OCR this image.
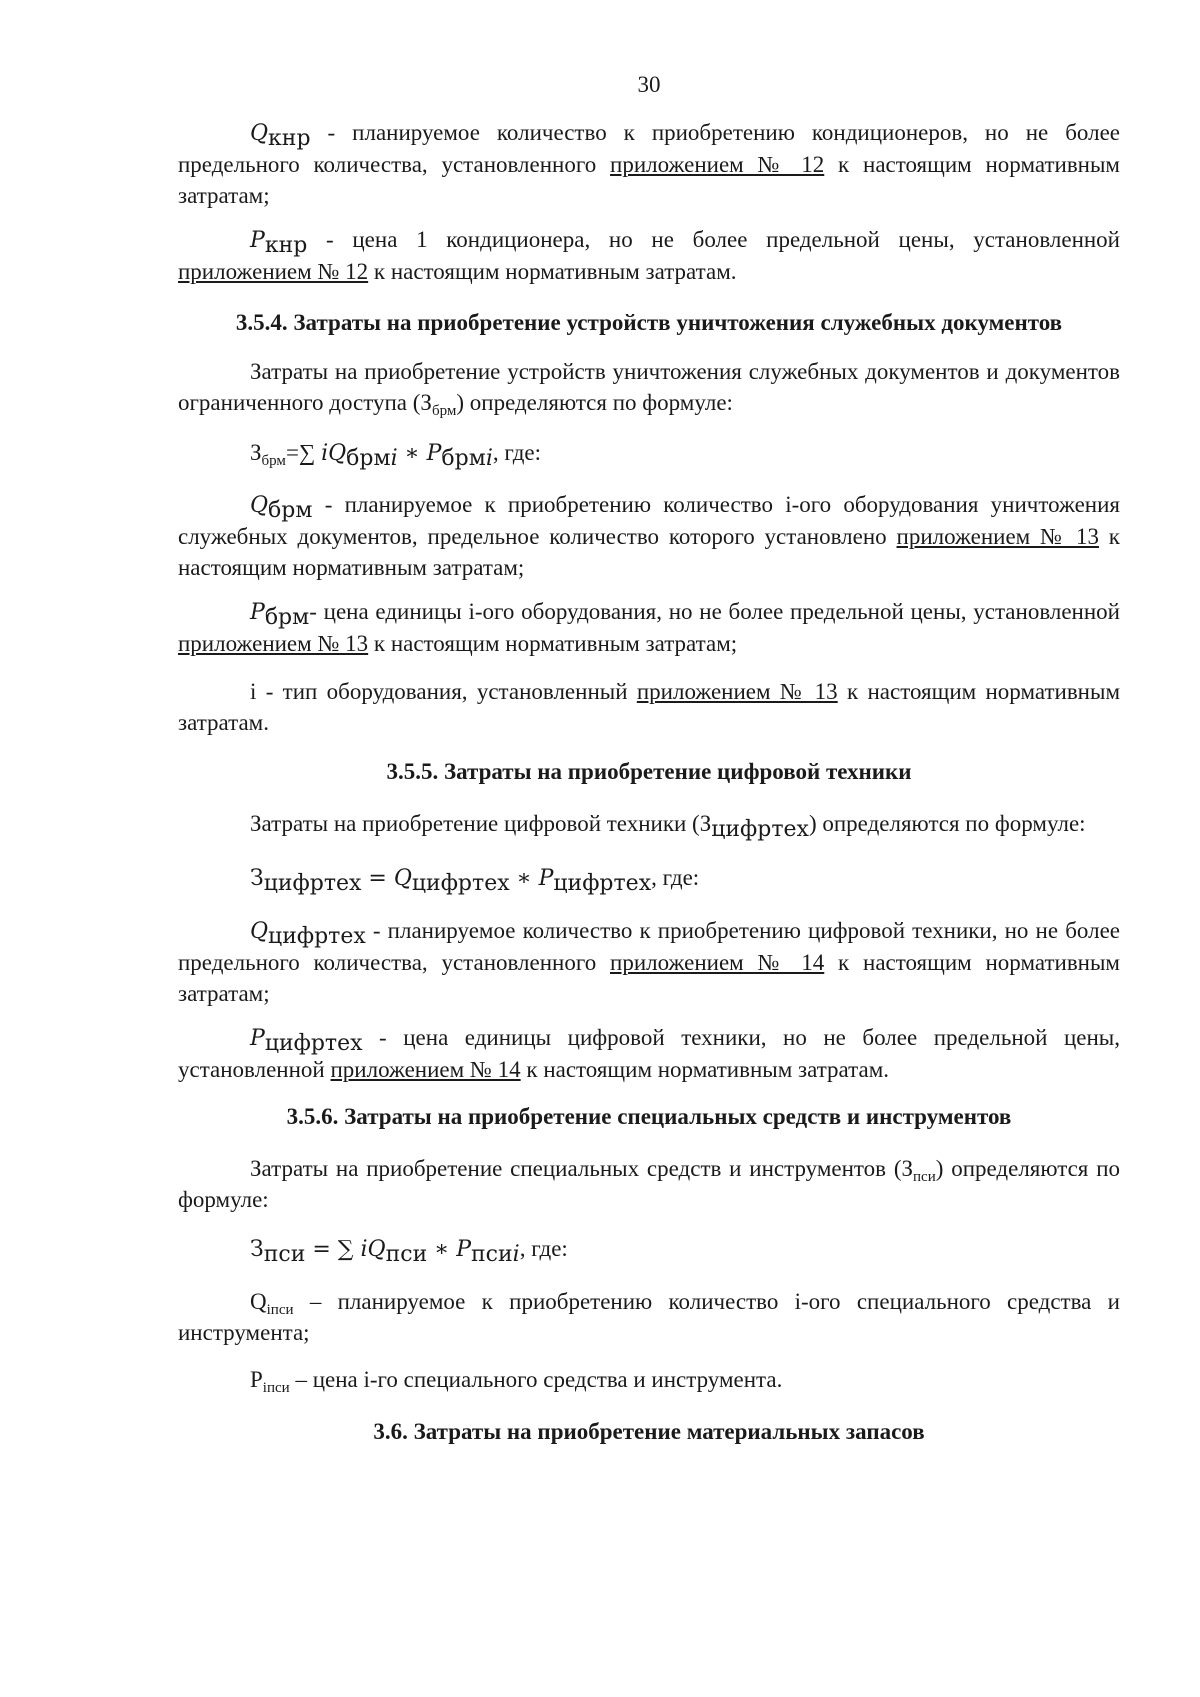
30

$Q_{кнр}$ - планируемое количество к приобретению кондиционеров, но не более предельного количества, установленного приложением № 12 к настоящим нормативным затратам;

$P_{кнр}$ - цена 1 кондиционера, но не более предельной цены, установленной приложением № 12 к настоящим нормативным затратам.

3.5.4. Затраты на приобретение устройств уничтожения служебных документов

Затраты на приобретение устройств уничтожения служебных документов и документов ограниченного доступа $(З_{брм})$ определяются по формуле:

$З_{брм}=\sum$ $iQ_{брмi}$ ∗ $P_{брмi}$, где:

$Q_{брм}$ - планируемое к приобретению количество i-ого оборудования уничтожения служебных документов, предельное количество которого установлено приложением № 13 к настоящим нормативным затратам;

$P_{брм}-$ цена единицы i-ого оборудования, но не более предельной цены, установленной приложением № 13 к настоящим нормативным затратам;

i - тип оборудования, установленный приложением № 13 к настоящим нормативным затратам.

3.5.5. Затраты на приобретение цифровой техники

Затраты на приобретение цифровой техники $(З_{цифртех})$ определяются по формуле:

$З_{цифртех} = Q_{цифртех}$ ∗ $P_{цифртех}$, где:

$Q_{цифртех}$ - планируемое количество к приобретению цифровой техники, но не более предельного количества, установленного приложением № 14 к настоящим нормативным затратам;

$P_{цифртех}$ - цена единицы цифровой техники, но не более предельной цены, установленной приложением № 14 к настоящим нормативным затратам.

3.5.6. Затраты на приобретение специальных средств и инструментов

Затраты на приобретение специальных средств и инструментов $(З_{пси})$ определяются по формуле:

$З_{пси}$ = ∑ $iQ_{пси}$ ∗ $P_{псиi}$, где:

$Q_{iпси}$ – планируемое к приобретению количество i-ого специального средства и инструмента;

$P_{iпси}$ – цена i-го специального средства и инструмента.

3.6. Затраты на приобретение материальных запасов
